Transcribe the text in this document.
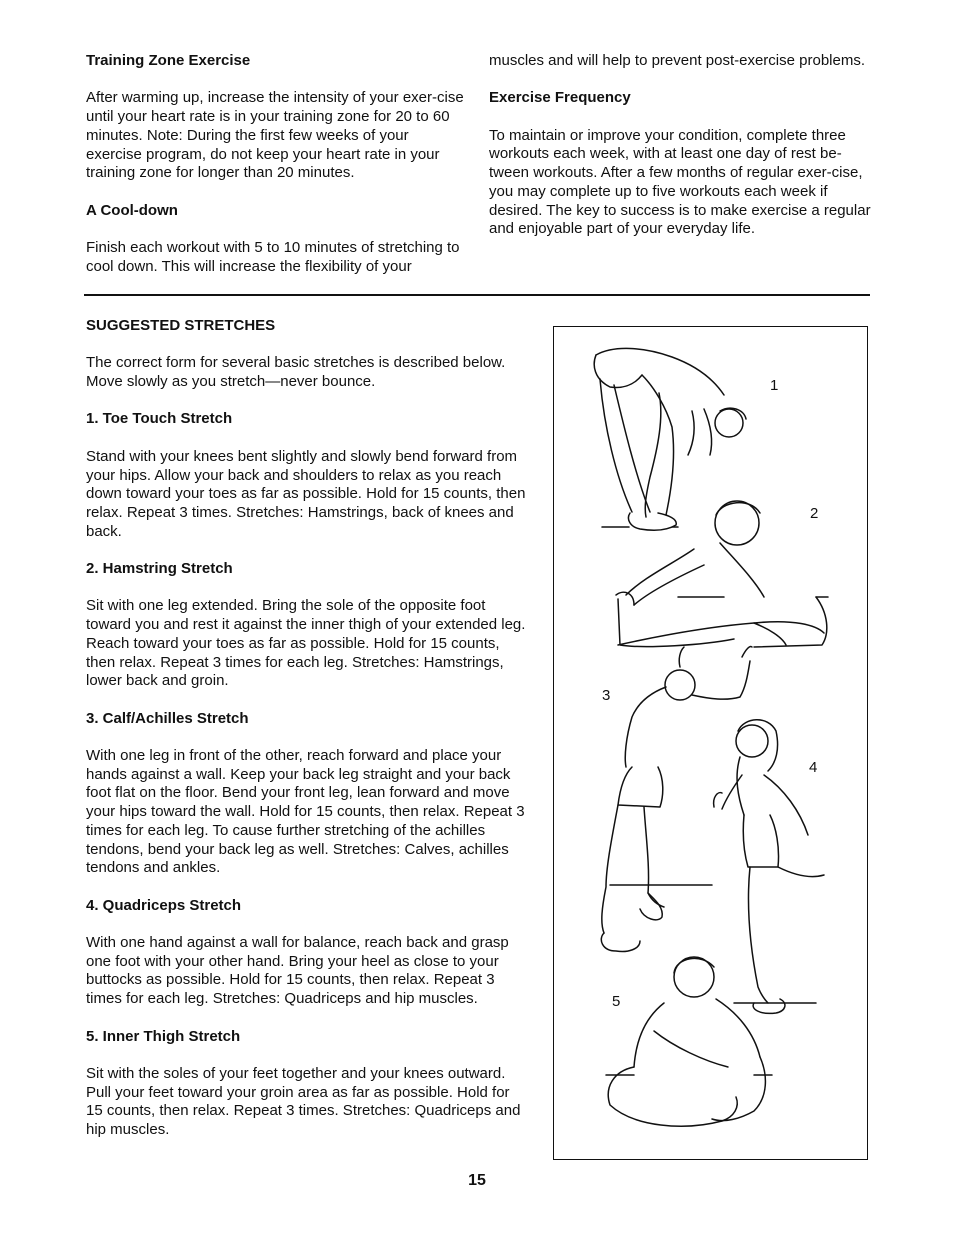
Training Zone Exercise

After warming up, increase the intensity of your exer-cise until your heart rate is in your training zone for 20 to 60 minutes. Note: During the first few weeks of your exercise program, do not keep your heart rate in your training zone for longer than 20 minutes.

A Cool-down

Finish each workout with 5 to 10 minutes of stretching to cool down. This will increase the flexibility of your

muscles and will help to prevent post-exercise problems.

Exercise Frequency

To maintain or improve your condition, complete three workouts each week, with at least one day of rest be-tween workouts. After a few months of regular exer-cise, you may complete up to five workouts each week if desired. The key to success is to make exercise a regular and enjoyable part of your everyday life.

SUGGESTED STRETCHES

The correct form for several basic stretches is described below. Move slowly as you stretch—never bounce.

1. Toe Touch Stretch

Stand with your knees bent slightly and slowly bend forward from your hips. Allow your back and shoulders to relax as you reach down toward your toes as far as possible. Hold for 15 counts, then relax. Repeat 3 times. Stretches: Hamstrings, back of knees and back.

2. Hamstring Stretch

Sit with one leg extended. Bring the sole of the opposite foot toward you and rest it against the inner thigh of your extended leg. Reach toward your toes as far as possible. Hold for 15 counts, then relax. Repeat 3 times for each leg. Stretches: Hamstrings, lower back and groin.

3. Calf/Achilles Stretch

With one leg in front of the other, reach forward and place your hands against a wall. Keep your back leg straight and your back foot flat on the floor. Bend your front leg, lean forward and move your hips toward the wall. Hold for 15 counts, then relax. Repeat 3 times for each leg. To cause further stretching of the achilles tendons, bend your back leg as well. Stretches: Calves, achilles tendons and ankles.

4. Quadriceps Stretch

With one hand against a wall for balance, reach back and grasp one foot with your other hand. Bring your heel as close to your buttocks as possible. Hold for 15 counts, then relax. Repeat 3 times for each leg. Stretches: Quadriceps and hip muscles.

5. Inner Thigh Stretch

Sit with the soles of your feet together and your knees outward. Pull your feet toward your groin area as far as possible. Hold for 15 counts, then relax. Repeat 3 times. Stretches: Quadriceps and hip muscles.

1
2
3
4
5
15
